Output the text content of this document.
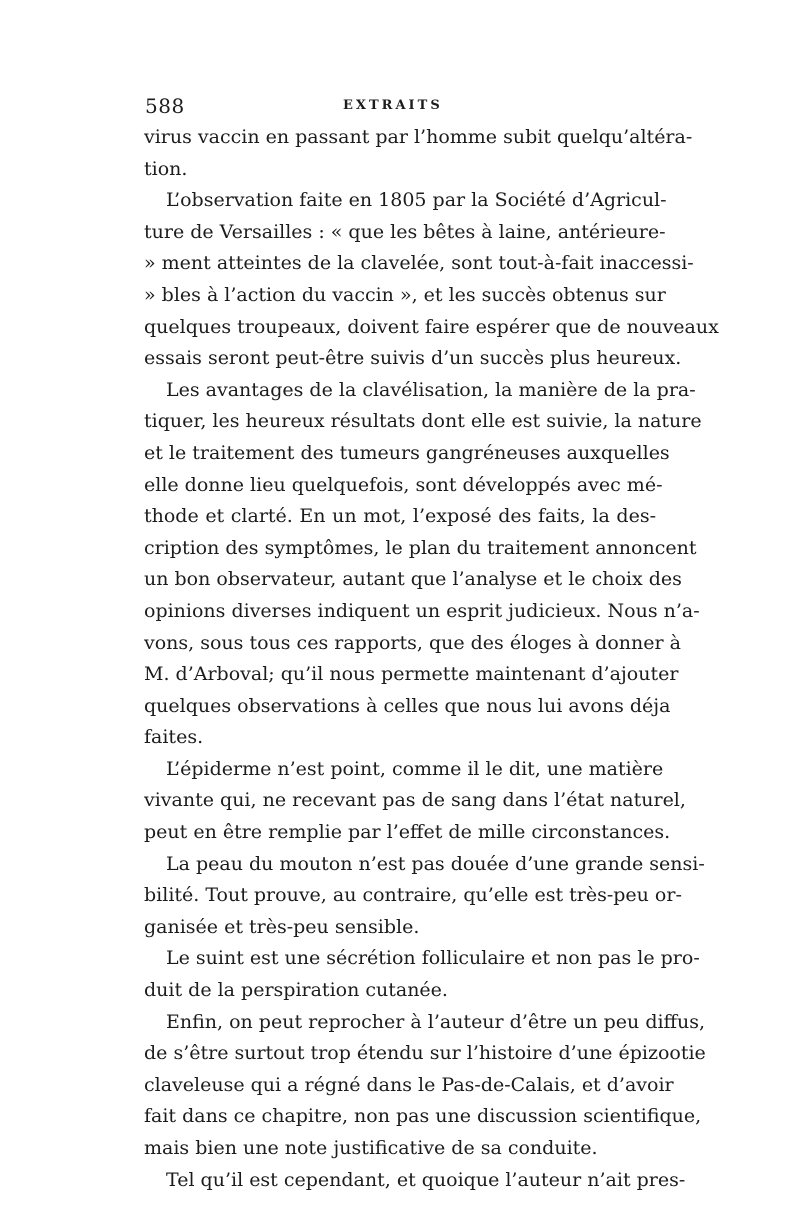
588	EXTRAITS
virus vaccin en passant par l’homme subit quelqu’altéra-
tion.
L’observation faite en 1805 par la Société d’Agricul-
ture de Versailles : « que les bêtes à laine, antérieure-
» ment atteintes de la clavelée, sont tout-à-fait inaccessi-
» bles à l’action du vaccin », et les succès obtenus sur
quelques troupeaux, doivent faire espérer que de nouveaux
essais seront peut-être suivis d’un succès plus heureux.
Les avantages de la clavélisation, la manière de la pra-
tiquer, les heureux résultats dont elle est suivie, la nature
et le traitement des tumeurs gangréneuses auxquelles
elle donne lieu quelquefois, sont développés avec mé-
thode et clarté. En un mot, l’exposé des faits, la des-
cription des symptômes, le plan du traitement annoncent
un bon observateur, autant que l’analyse et le choix des
opinions diverses indiquent un esprit judicieux. Nous n’a-
vons, sous tous ces rapports, que des éloges à donner à
M. d’Arboval; qu’il nous permette maintenant d’ajouter
quelques observations à celles que nous lui avons déja
faites.
L’épiderme n’est point, comme il le dit, une matière
vivante qui, ne recevant pas de sang dans l’état naturel,
peut en être remplie par l’effet de mille circonstances.
La peau du mouton n’est pas douée d’une grande sensi-
bilité. Tout prouve, au contraire, qu’elle est très-peu or-
ganisée et très-peu sensible.
Le suint est une sécrétion folliculaire et non pas le pro-
duit de la perspiration cutanée.
Enfin, on peut reprocher à l’auteur d’être un peu diffus,
de s’être surtout trop étendu sur l’histoire d’une épizootie
claveleuse qui a régné dans le Pas-de-Calais, et d’avoir
fait dans ce chapitre, non pas une discussion scientifique,
mais bien une note justificative de sa conduite.
Tel qu’il est cependant, et quoique l’auteur n’ait pres-
